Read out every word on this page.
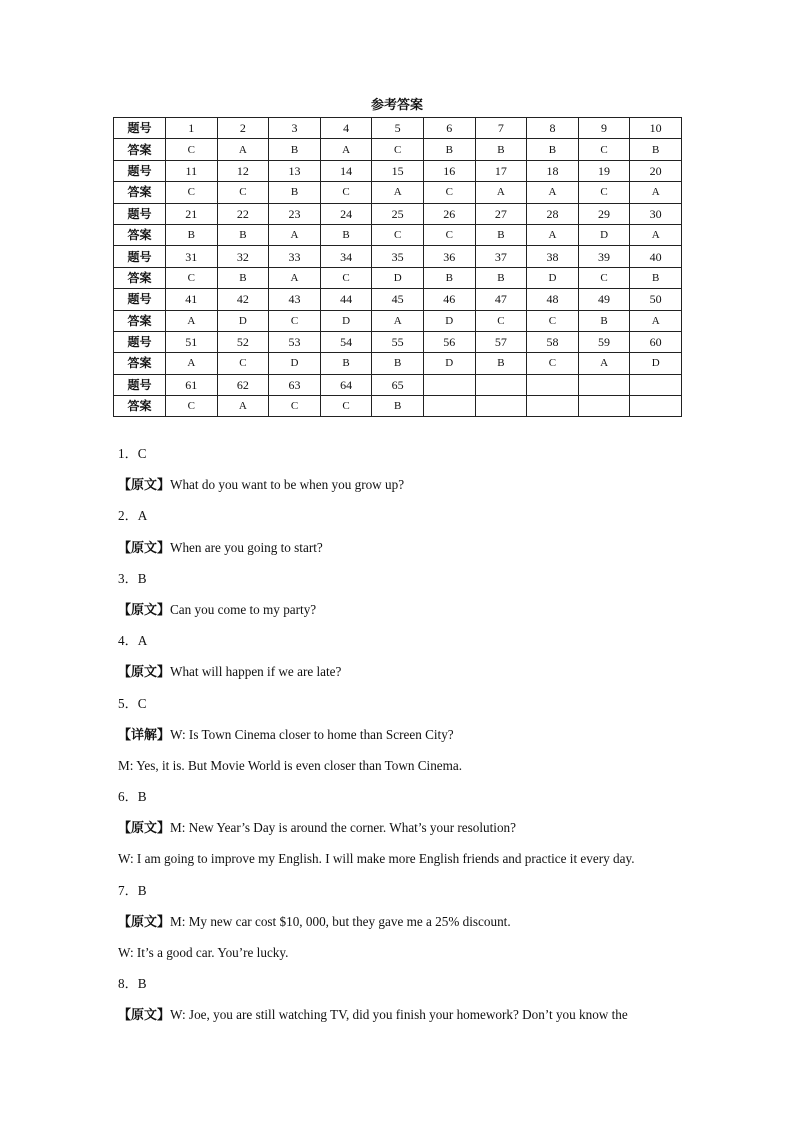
参考答案
题号	1	2	3	4	5	6	7	8	9	10
答案	C	A	B	A	C	B	B	B	C	B
题号	11	12	13	14	15	16	17	18	19	20
答案	C	C	B	C	A	C	A	A	C	A
题号	21	22	23	24	25	26	27	28	29	30
答案	B	B	A	B	C	C	B	A	D	A
题号	31	32	33	34	35	36	37	38	39	40
答案	C	B	A	C	D	B	B	D	C	B
题号	41	42	43	44	45	46	47	48	49	50
答案	A	D	C	D	A	D	C	C	B	A
题号	51	52	53	54	55	56	57	58	59	60
答案	A	C	D	B	B	D	B	C	A	D
题号	61	62	63	64	65					
答案	C	A	C	C	B					
1．C
【原文】What do you want to be when you grow up?
2．A
【原文】When are you going to start?
3．B
【原文】Can you come to my party?
4．A
【原文】What will happen if we are late?
5．C
【详解】W: Is Town Cinema closer to home than Screen City?
M: Yes, it is. But Movie World is even closer than Town Cinema.
6．B
【原文】M: New Year’s Day is around the corner. What’s your resolution?
W: I am going to improve my English. I will make more English friends and practice it every day.
7．B
【原文】M: My new car cost $10, 000, but they gave me a 25% discount.
W: It’s a good car. You’re lucky.
8．B
【原文】W: Joe, you are still watching TV, did you finish your homework? Don’t you know the
